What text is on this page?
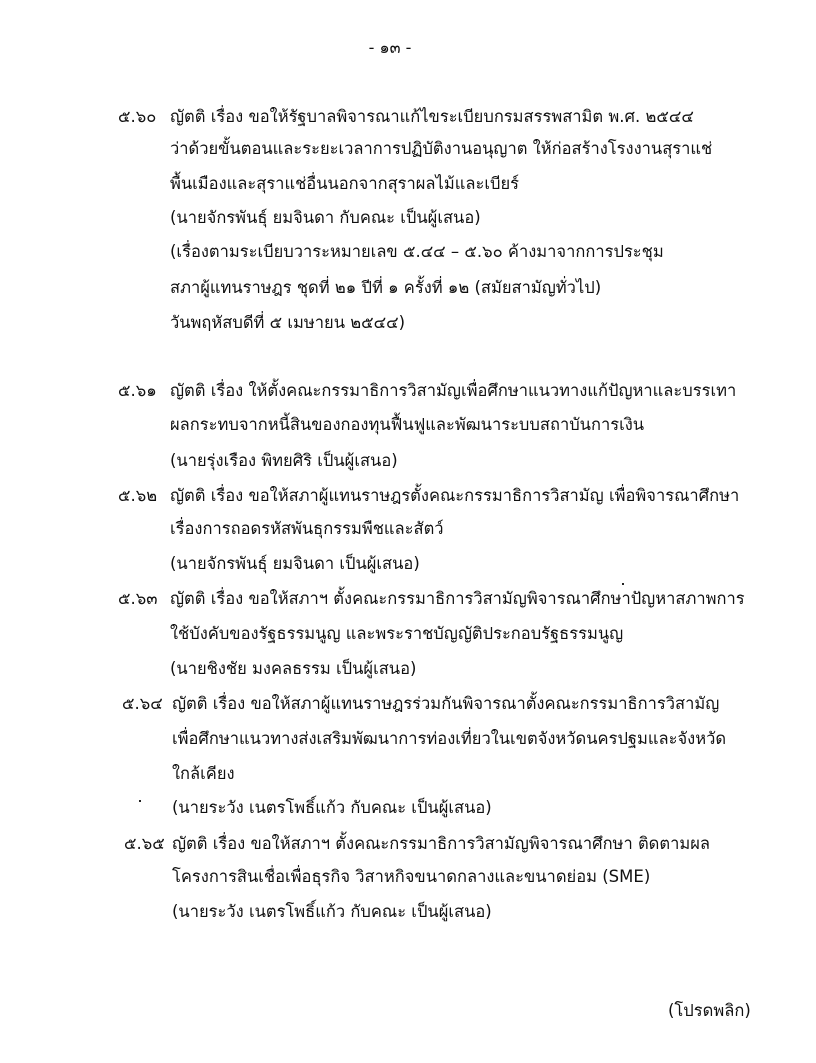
- ๑๓ -
๕.๖๐ ญัตติ เรื่อง ขอให้รัฐบาลพิจารณาแก้ไขระเบียบกรมสรรพสามิต พ.ศ. ๒๕๔๔
ว่าด้วยขั้นตอนและระยะเวลาการปฏิบัติงานอนุญาต ให้ก่อสร้างโรงงานสุราแช่
พื้นเมืองและสุราแช่อื่นนอกจากสุราผลไม้และเบียร์
(นายจักรพันธุ์ ยมจินดา กับคณะ เป็นผู้เสนอ)
(เรื่องตามระเบียบวาระหมายเลข ๕.๔๔ – ๕.๖๐ ค้างมาจากการประชุม
สภาผู้แทนราษฎร ชุดที่ ๒๑ ปีที่ ๑ ครั้งที่ ๑๒ (สมัยสามัญทั่วไป)
วันพฤหัสบดีที่ ๕ เมษายน ๒๕๔๔)
๕.๖๑ ญัตติ เรื่อง ให้ตั้งคณะกรรมาธิการวิสามัญเพื่อศึกษาแนวทางแก้ปัญหาและบรรเทา
ผลกระทบจากหนี้สินของกองทุนฟื้นฟูและพัฒนาระบบสถาบันการเงิน
(นายรุ่งเรือง พิทยศิริ เป็นผู้เสนอ)
๕.๖๒ ญัตติ เรื่อง ขอให้สภาผู้แทนราษฎรตั้งคณะกรรมาธิการวิสามัญ เพื่อพิจารณาศึกษา
เรื่องการถอดรหัสพันธุกรรมพืชและสัตว์
(นายจักรพันธุ์ ยมจินดา เป็นผู้เสนอ)
๕.๖๓ ญัตติ เรื่อง ขอให้สภาฯ ตั้งคณะกรรมาธิการวิสามัญพิจารณาศึกษาปัญหาสภาพการ
ใช้บังคับของรัฐธรรมนูญ และพระราชบัญญัติประกอบรัฐธรรมนูญ
(นายชิงชัย มงคลธรรม เป็นผู้เสนอ)
๕.๖๔ ญัตติ เรื่อง ขอให้สภาผู้แทนราษฎรร่วมกันพิจารณาตั้งคณะกรรมาธิการวิสามัญ
เพื่อศึกษาแนวทางส่งเสริมพัฒนาการท่องเที่ยวในเขตจังหวัดนครปฐมและจังหวัด
ใกล้เคียง
(นายระวัง เนตรโพธิ์แก้ว กับคณะ เป็นผู้เสนอ)
๕.๖๕ ญัตติ เรื่อง ขอให้สภาฯ ตั้งคณะกรรมาธิการวิสามัญพิจารณาศึกษา ติดตามผล
โครงการสินเชื่อเพื่อธุรกิจ วิสาหกิจขนาดกลางและขนาดย่อม (SME)
(นายระวัง เนตรโพธิ์แก้ว กับคณะ เป็นผู้เสนอ)
(โปรดพลิก)
